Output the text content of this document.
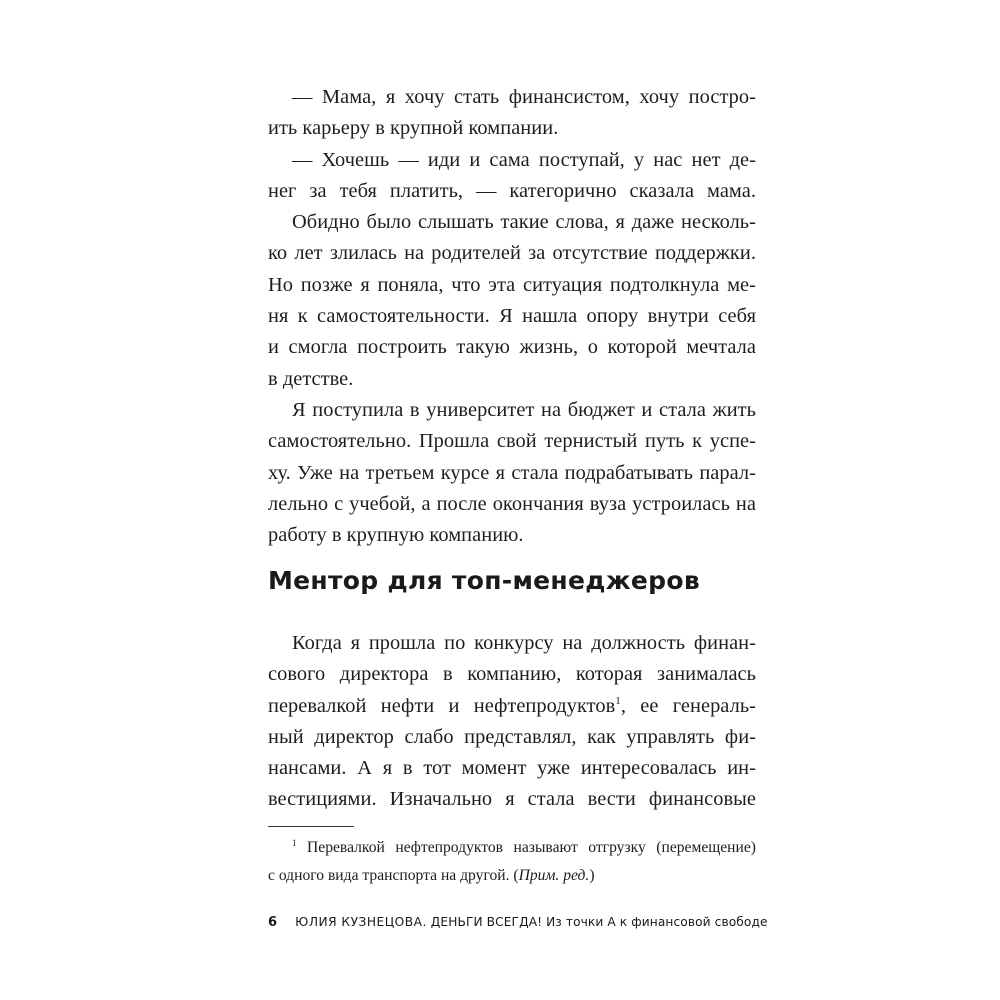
— Мама, я хочу стать финансистом, хочу постро-
ить карьеру в крупной компании.
— Хочешь — иди и сама поступай, у нас нет де-
нег за тебя платить, — категорично сказала мама.
Обидно было слышать такие слова, я даже несколь-
ко лет злилась на родителей за отсутствие поддержки.
Но позже я поняла, что эта ситуация подтолкнула ме-
ня к самостоятельности. Я нашла опору внутри себя
и смогла построить такую жизнь, о которой мечтала
в детстве.
Я поступила в университет на бюджет и стала жить
самостоятельно. Прошла свой тернистый путь к успе-
ху. Уже на третьем курсе я стала подрабатывать парал-
лельно с учебой, а после окончания вуза устроилась на
работу в крупную компанию.
Ментор для топ-менеджеров
Когда я прошла по конкурсу на должность финан-
сового директора в компанию, которая занималась
перевалкой нефти и нефтепродуктов$^1$, ее генераль-
ный директор слабо представлял, как управлять фи-
нансами. А я в тот момент уже интересовалась ин-
вестициями. Изначально я стала вести финансовые
$^1$ Перевалкой нефтепродуктов называют отгрузку (перемещение)
с одного вида транспорта на другой. (Прим. ред.)
6 ЮЛИЯ КУЗНЕЦОВА. ДЕНЬГИ ВСЕГДА! Из точки А к финансовой свободе
